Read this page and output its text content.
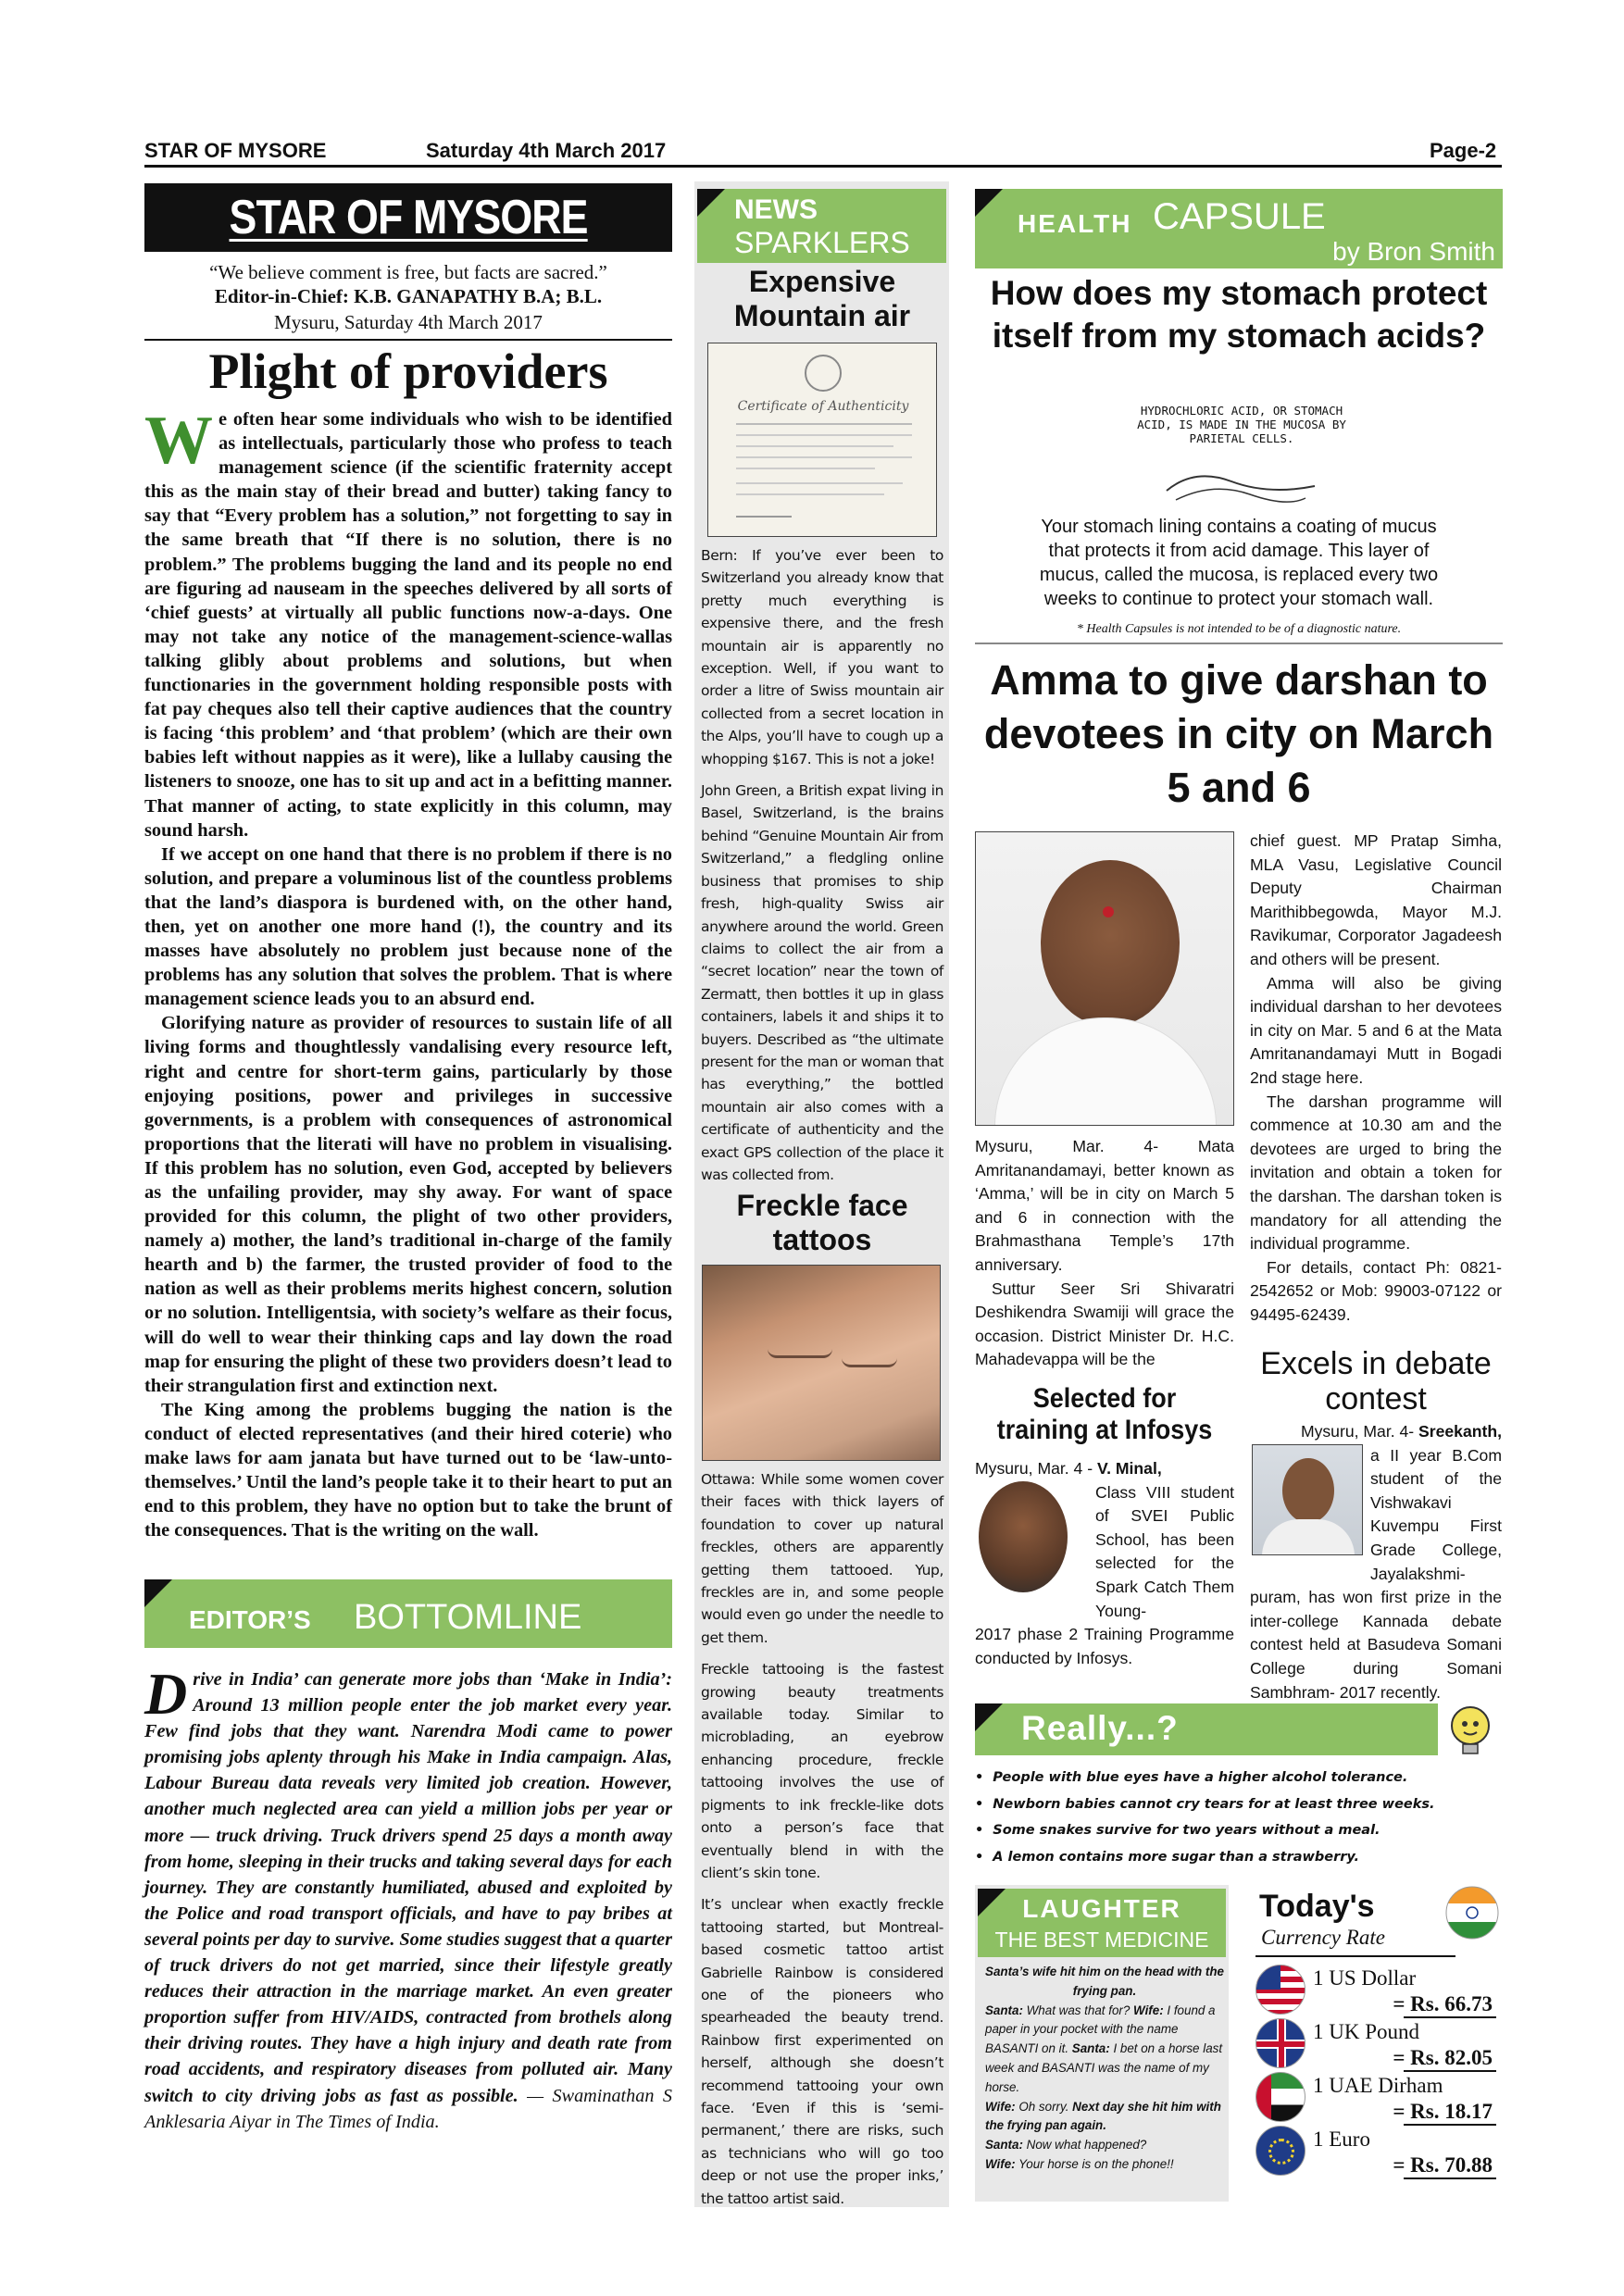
STAR OF MYSORE	Saturday 4th March 2017	Page-2
STAR OF MYSORE
“We believe comment is free, but facts are sacred.”
Editor-in-Chief: K.B. GANAPATHY B.A; B.L.
Mysuru, Saturday 4th March 2017
Plight of providers

We often hear some individuals who wish to be identified as intellectuals, particularly those who profess to teach management science (if the scientific fraternity accept this as the main stay of their bread and butter) taking fancy to say that “Every problem has a solution,” not forgetting to say in the same breath that “If there is no solution, there is no problem.” The problems bugging the land and its people no end are figuring ad nauseam in the speeches delivered by all sorts of ‘chief guests’ at virtually all public functions now-a-days. One may not take any notice of the management-science-wallas talking glibly about problems and solutions, but when functionaries in the government holding responsible posts with fat pay cheques also tell their captive audiences that the country is facing ‘this problem’ and ‘that problem’ (which are their own babies left without nappies as it were), like a lullaby causing the listeners to snooze, one has to sit up and act in a befitting manner. That manner of acting, to state explicitly in this column, may sound harsh.

If we accept on one hand that there is no problem if there is no solution, and prepare a voluminous list of the countless problems that the land’s diaspora is burdened with, on the other hand, then, yet on another one more hand (!), the country and its masses have absolutely no problem just because none of the problems has any solution that solves the problem. That is where management science leads you to an absurd end.

Glorifying nature as provider of resources to sustain life of all living forms and thoughtlessly vandalising every resource left, right and centre for short-term gains, particularly by those enjoying positions, power and privileges in successive governments, is a problem with consequences of astronomical proportions that the literati will have no problem in visualising. If this problem has no solution, even God, accepted by believers as the unfailing provider, may shy away. For want of space provided for this column, the plight of two other providers, namely a) mother, the land’s traditional in-charge of the family hearth and b) the farmer, the trusted provider of food to the nation as well as their problems merits highest concern, solution or no solution. Intelligentsia, with society’s welfare as their focus, will do well to wear their thinking caps and lay down the road map for ensuring the plight of these two providers doesn’t lead to their strangulation first and extinction next.

The King among the problems bugging the nation is the conduct of elected representatives (and their hired coterie) who make laws for aam janata but have turned out to be ‘law-unto-themselves.’ Until the land’s people take it to their heart to put an end to this problem, they have no option but to take the brunt of the consequences. That is the writing on the wall.

EDITOR’S BOTTOMLINE

Drive in India’ can generate more jobs than ‘Make in India’: Around 13 million people enter the job market every year. Few find jobs that they want. Narendra Modi came to power promising jobs aplenty through his Make in India campaign. Alas, Labour Bureau data reveals very limited job creation. However, another much neglected area can yield a million jobs per year or more — truck driving. Truck drivers spend 25 days a month away from home, sleeping in their trucks and taking several days for each journey. They are constantly humiliated, abused and exploited by the Police and road transport officials, and have to pay bribes at several points per day to survive. Some studies suggest that a quarter of truck drivers do not get married, since their lifestyle greatly reduces their attraction in the marriage market. An even greater proportion suffer from HIV/AIDS, contracted from brothels along their driving routes. They have a high injury and death rate from road accidents, and respiratory diseases from polluted air. Many switch to city driving jobs as fast as possible. — Swaminathan S Anklesaria Aiyar in The Times of India.

NEWS
SPARKLERS
Expensive Mountain air
Certificate of Authenticity

Bern: If you’ve ever been to Switzerland you already know that pretty much everything is expensive there, and the fresh mountain air is apparently no exception. Well, if you want to order a litre of Swiss mountain air collected from a secret location in the Alps, you’ll have to cough up a whopping $167. This is not a joke!

John Green, a British expat living in Basel, Switzerland, is the brains behind “Genuine Mountain Air from Switzerland,” a fledgling online business that promises to ship fresh, high-quality Swiss air anywhere around the world. Green claims to collect the air from a “secret location” near the town of Zermatt, then bottles it up in glass containers, labels it and ships it to buyers. Described as “the ultimate present for the man or woman that has everything,” the bottled mountain air also comes with a certificate of authenticity and the exact GPS collection of the place it was collected from.

Freckle face tattoos

Ottawa: While some women cover their faces with thick layers of foundation to cover up natural freckles, others are apparently getting them tattooed. Yup, freckles are in, and some people would even go under the needle to get them.

Freckle tattooing is the fastest growing beauty treatments available today. Similar to microblading, an eyebrow enhancing procedure, freckle tattooing involves the use of pigments to ink freckle-like dots onto a person’s face that eventually blend in with the client’s skin tone.

It’s unclear when exactly freckle tattooing started, but Montreal-based cosmetic tattoo artist Gabrielle Rainbow is considered one of the pioneers who spearheaded the beauty trend. Rainbow first experimented on herself, although she doesn’t recommend tattooing your own face. ‘Even if this is ‘semi-permanent,’ there are risks, such as technicians who will go too deep or not use the proper inks,’ the tattoo artist said.

HEALTH CAPSULE
by Bron Smith
How does my stomach protect itself from my stomach acids?
HYDROCHLORIC ACID, OR STOMACH ACID, IS MADE IN THE MUCOSA BY PARIETAL CELLS.
Your stomach lining contains a coating of mucus that protects it from acid damage. This layer of mucus, called the mucosa, is replaced every two weeks to continue to protect your stomach wall.
* Health Capsules is not intended to be of a diagnostic nature.
Amma to give darshan to devotees in city on March 5 and 6

Mysuru, Mar. 4- Mata Amritanandamayi, better known as ‘Amma,’ will be in city on March 5 and 6 in connection with the Brahmasthana Temple’s 17th anniversary.

Suttur Seer Sri Shivaratri Deshikendra Swamiji will grace the occasion. District Minister Dr. H.C. Mahadevappa will be the

chief guest. MP Pratap Simha, MLA Vasu, Legislative Council Deputy Chairman Marithibbegowda, Mayor M.J. Ravikumar, Corporator Jagadeesh and others will be present.

Amma will also be giving individual darshan to her devotees in city on Mar. 5 and 6 at the Mata Amritanandamayi Mutt in Bogadi 2nd stage here.

The darshan programme will commence at 10.30 am and the devotees are urged to bring the invitation and obtain a token for the darshan. The darshan token is mandatory for all attending the individual programme.

For details, contact Ph: 0821-2542652 or Mob: 99003-07122 or 94495-62439.

Selected for training at Infosys

Mysuru, Mar. 4 - V. Minal,

Class VIII student of SVEI Public School, has been selected for the Spark Catch Them Young-

2017 phase 2 Training Programme conducted by Infosys.

Excels in debate contest

Mysuru, Mar. 4- Sreekanth,

a II year B.Com student of the Vishwakavi Kuvempu First Grade College, Jayalakshmi-

puram, has won first prize in the inter-college Kannada debate contest held at Basudeva Somani College during Somani Sambhram- 2017 recently.

Really...?
• People with blue eyes have a higher alcohol tolerance.
• Newborn babies cannot cry tears for at least three weeks.
• Some snakes survive for two years without a meal.
• A lemon contains more sugar than a strawberry.
LAUGHTER
THE BEST MEDICINE

Santa’s wife hit him on the head with the frying pan.

Santa: What was that for? Wife: I found a paper in your pocket with the name BASANTI on it. Santa: I bet on a horse last week and BASANTI was the name of my horse.

Wife: Oh sorry. Next day she hit him with the frying pan again.

Santa: Now what happened?

Wife: Your horse is on the phone!!

Today's
Currency Rate
1 US Dollar
= Rs. 66.73
1 UK Pound
= Rs. 82.05
1 UAE Dirham
= Rs. 18.17
1 Euro
= Rs. 70.88
